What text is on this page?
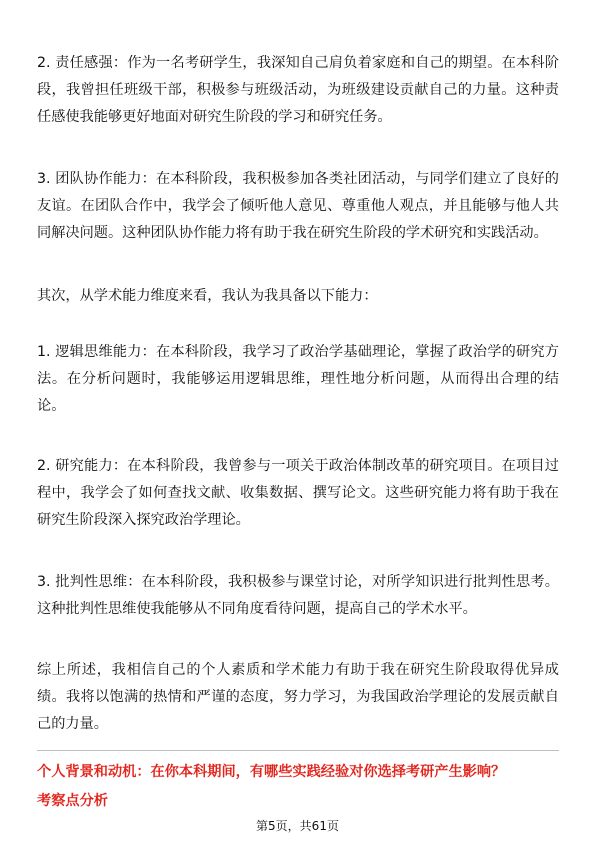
2. 责任感强：作为一名考研学生，我深知自己肩负着家庭和自己的期望。在本科阶段，我曾担任班级干部，积极参与班级活动，为班级建设贡献自己的力量。这种责任感使我能够更好地面对研究生阶段的学习和研究任务。

3. 团队协作能力：在本科阶段，我积极参加各类社团活动，与同学们建立了良好的友谊。在团队合作中，我学会了倾听他人意见、尊重他人观点，并且能够与他人共同解决问题。这种团队协作能力将有助于我在研究生阶段的学术研究和实践活动。

其次，从学术能力维度来看，我认为我具备以下能力：

1. 逻辑思维能力：在本科阶段，我学习了政治学基础理论，掌握了政治学的研究方法。在分析问题时，我能够运用逻辑思维，理性地分析问题，从而得出合理的结论。

2. 研究能力：在本科阶段，我曾参与一项关于政治体制改革的研究项目。在项目过程中，我学会了如何查找文献、收集数据、撰写论文。这些研究能力将有助于我在研究生阶段深入探究政治学理论。

3. 批判性思维：在本科阶段，我积极参与课堂讨论，对所学知识进行批判性思考。这种批判性思维使我能够从不同角度看待问题，提高自己的学术水平。

综上所述，我相信自己的个人素质和学术能力有助于我在研究生阶段取得优异成绩。我将以饱满的热情和严谨的态度，努力学习，为我国政治学理论的发展贡献自己的力量。

个人背景和动机：在你本科期间，有哪些实践经验对你选择考研产生影响？

考察点分析

第5页，共61页
